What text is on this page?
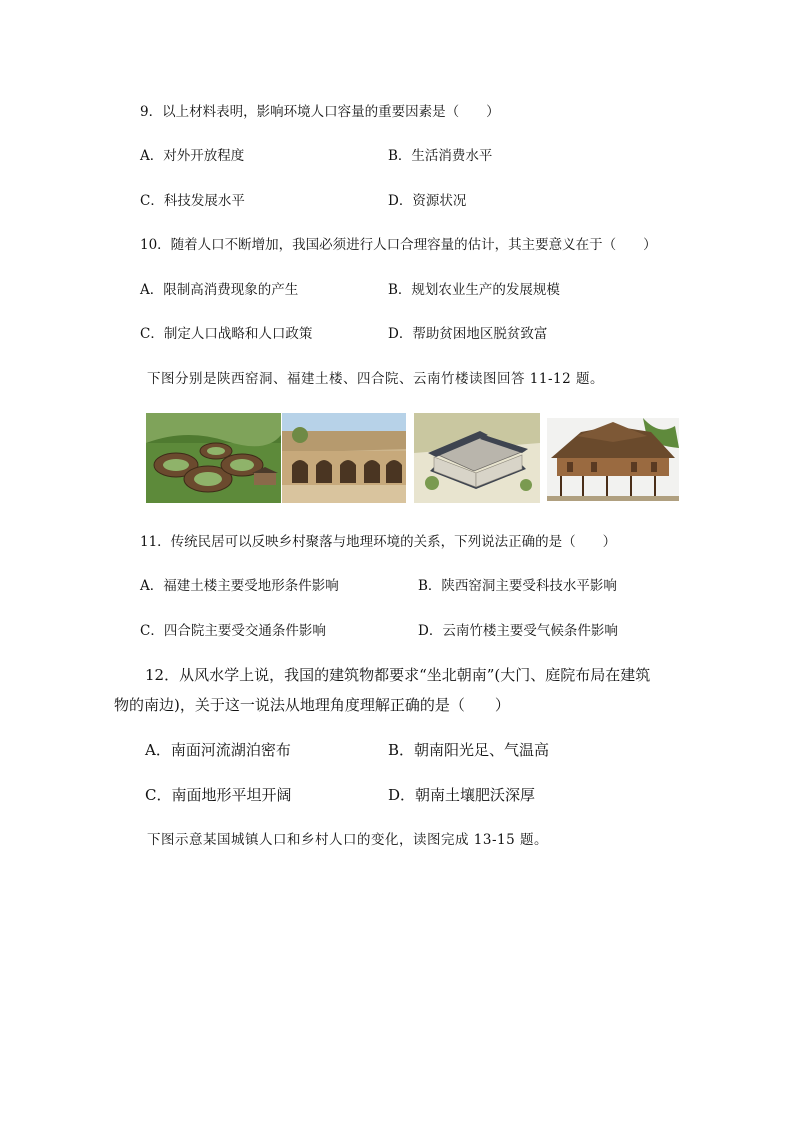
9．以上材料表明，影响环境人口容量的重要因素是（　　）
A．对外开放程度	B．生活消费水平
C．科技发展水平	D．资源状况
10．随着人口不断增加，我国必须进行人口合理容量的估计，其主要意义在于（　　）
A．限制高消费现象的产生	B．规划农业生产的发展规模
C．制定人口战略和人口政策	D．帮助贫困地区脱贫致富
下图分别是陕西窑洞、福建土楼、四合院、云南竹楼读图回答 11-12 题。
11．传统民居可以反映乡村聚落与地理环境的关系，下列说法正确的是（　　）
A．福建土楼主要受地形条件影响	B．陕西窑洞主要受科技水平影响
C．四合院主要受交通条件影响	D．云南竹楼主要受气候条件影响
12．从风水学上说，我国的建筑物都要求“坐北朝南”(大门、庭院布局在建筑
物的南边)，关于这一说法从地理角度理解正确的是（　　）
A．南面河流湖泊密布	B．朝南阳光足、气温高
C．南面地形平坦开阔	D．朝南土壤肥沃深厚
下图示意某国城镇人口和乡村人口的变化，读图完成 13-15 题。
